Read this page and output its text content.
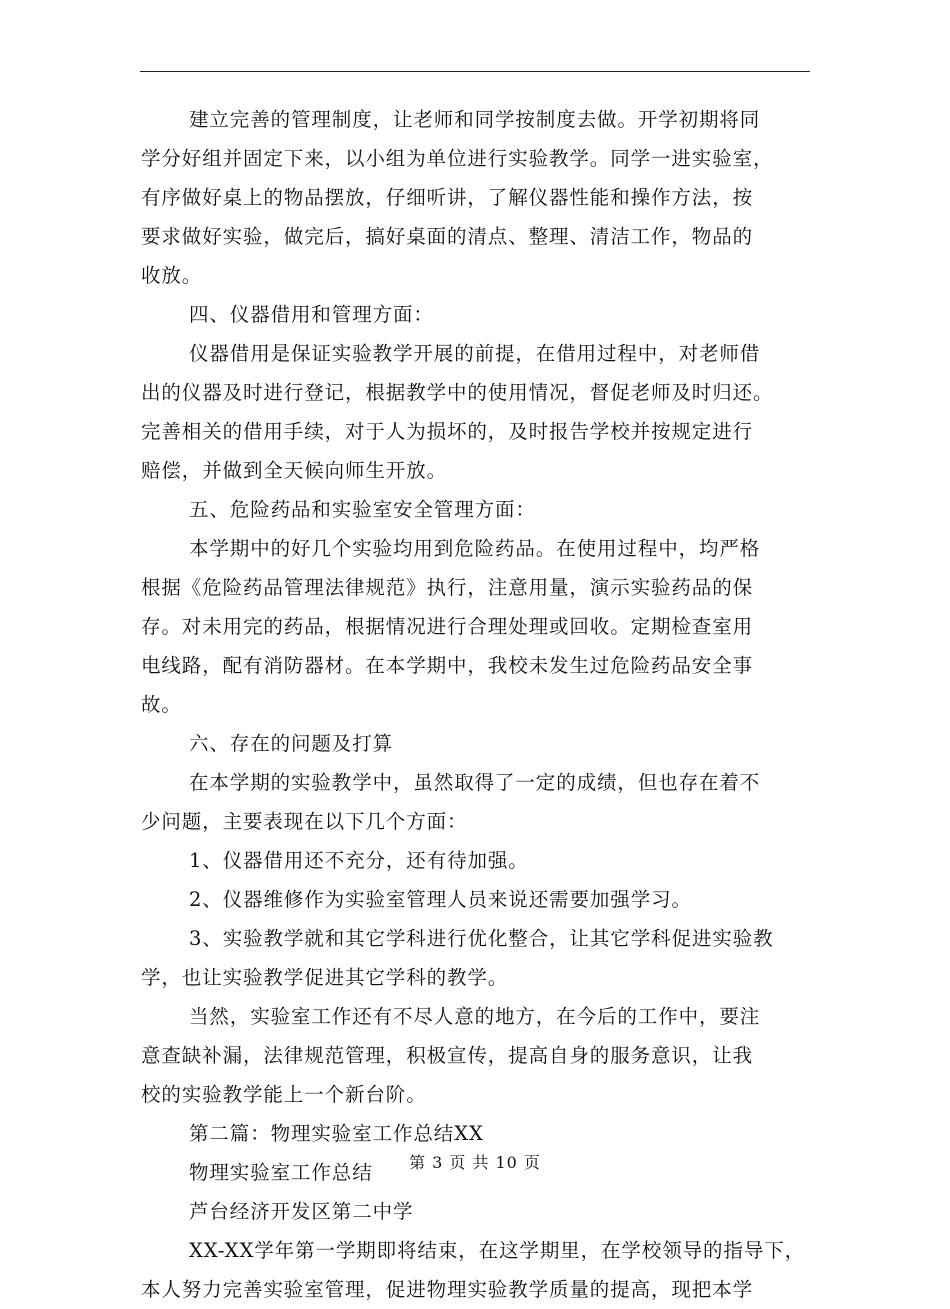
建立完善的管理制度，让老师和同学按制度去做。开学初期将同
学分好组并固定下来，以小组为单位进行实验教学。同学一进实验室，
有序做好桌上的物品摆放，仔细听讲，了解仪器性能和操作方法，按
要求做好实验，做完后，搞好桌面的清点、整理、清洁工作，物品的
收放。
四、仪器借用和管理方面：
仪器借用是保证实验教学开展的前提，在借用过程中，对老师借
出的仪器及时进行登记，根据教学中的使用情况，督促老师及时归还。
完善相关的借用手续，对于人为损坏的，及时报告学校并按规定进行
赔偿，并做到全天候向师生开放。
五、危险药品和实验室安全管理方面：
本学期中的好几个实验均用到危险药品。在使用过程中，均严格
根据《危险药品管理法律规范》执行，注意用量，演示实验药品的保
存。对未用完的药品，根据情况进行合理处理或回收。定期检查室用
电线路，配有消防器材。在本学期中，我校未发生过危险药品安全事
故。
六、存在的问题及打算
在本学期的实验教学中，虽然取得了一定的成绩，但也存在着不
少问题，主要表现在以下几个方面：
1、仪器借用还不充分，还有待加强。
2、仪器维修作为实验室管理人员来说还需要加强学习。
3、实验教学就和其它学科进行优化整合，让其它学科促进实验教
学，也让实验教学促进其它学科的教学。
当然，实验室工作还有不尽人意的地方，在今后的工作中，要注
意查缺补漏，法律规范管理，积极宣传，提高自身的服务意识，让我
校的实验教学能上一个新台阶。
第二篇：物理实验室工作总结XX
物理实验室工作总结
芦台经济开发区第二中学
XX-XX学年第一学期即将结束，在这学期里，在学校领导的指导下，
本人努力完善实验室管理，促进物理实验教学质量的提高，现把本学
第 3 页 共 10 页
